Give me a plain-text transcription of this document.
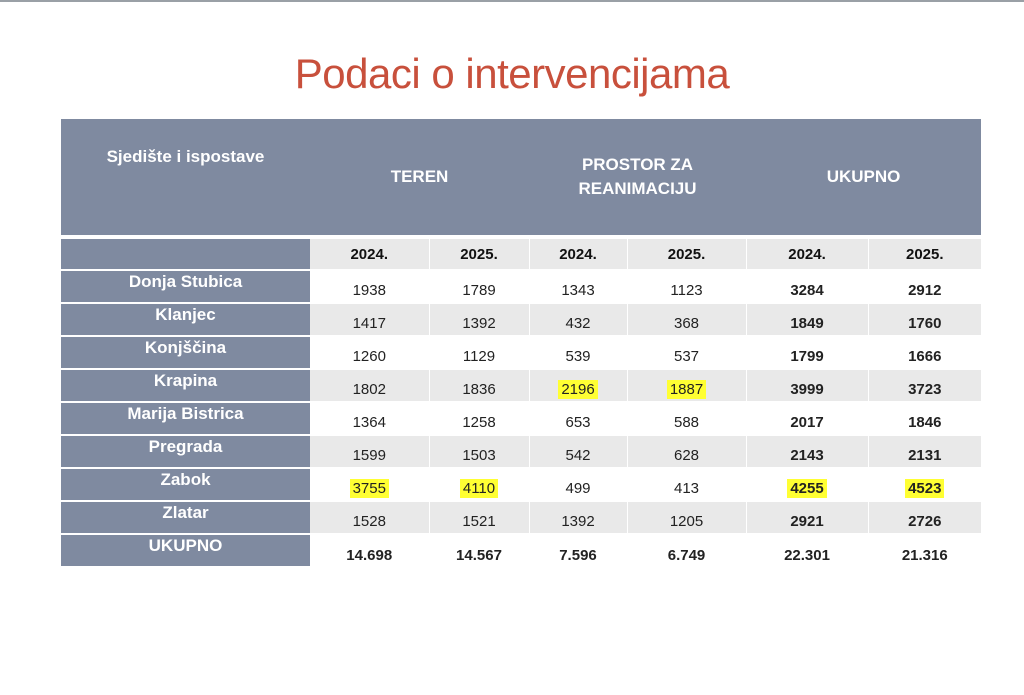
Podaci o intervencijama
Sjedište i ispostave	TEREN		PROSTOR ZA REANIMACIJU		UKUPNO	
	2024.	2025.	2024.	2025.	2024.	2025.
Donja Stubica	1938	1789	1343	1123	3284	2912
Klanjec	1417	1392	432	368	1849	1760
Konjščina	1260	1129	539	537	1799	1666
Krapina	1802	1836	2196	1887	3999	3723
Marija Bistrica	1364	1258	653	588	2017	1846
Pregrada	1599	1503	542	628	2143	2131
Zabok	3755	4110	499	413	4255	4523
Zlatar	1528	1521	1392	1205	2921	2726
UKUPNO	14.698	14.567	7.596	6.749	22.301	21.316
